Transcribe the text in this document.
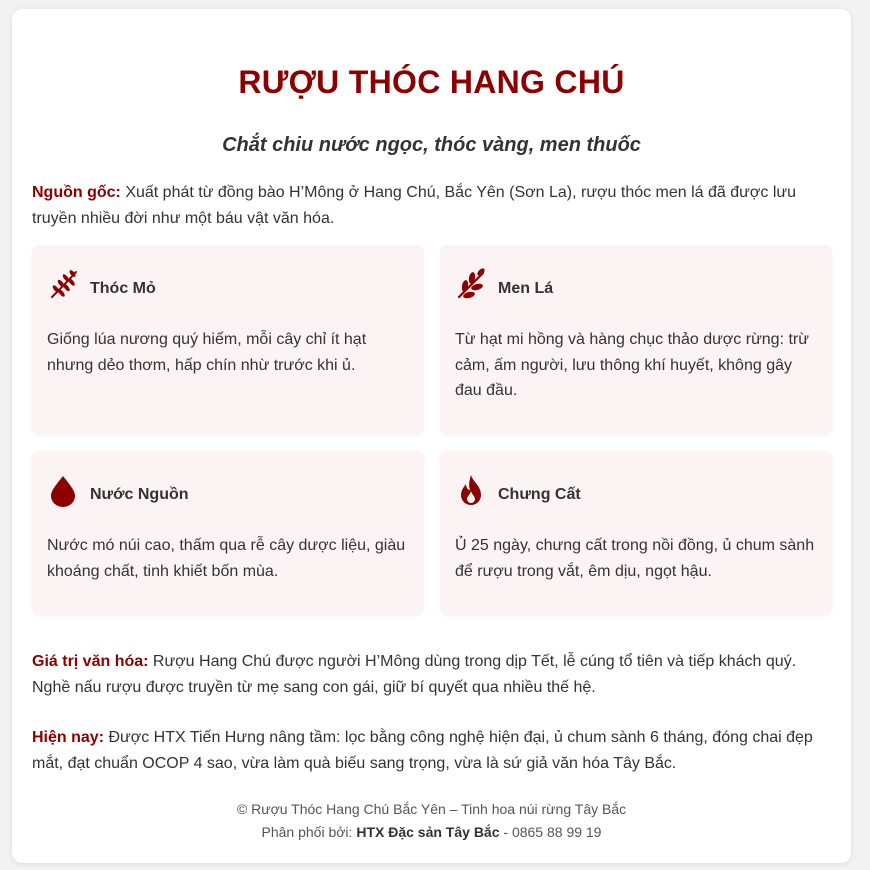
RƯỢU THÓC HANG CHÚ
Chắt chiu nước ngọc, thóc vàng, men thuốc
Nguồn gốc: Xuất phát từ đồng bào H’Mông ở Hang Chú, Bắc Yên (Sơn La), rượu thóc men lá đã được lưu truyền nhiều đời như một báu vật văn hóa.
Thóc Mỏ
Giống lúa nương quý hiếm, mỗi cây chỉ ít hạt nhưng dẻo thơm, hấp chín nhừ trước khi ủ.
Men Lá
Từ hạt mi hồng và hàng chục thảo dược rừng: trừ cảm, ấm người, lưu thông khí huyết, không gây đau đầu.
Nước Nguồn
Nước mó núi cao, thấm qua rễ cây dược liệu, giàu khoáng chất, tinh khiết bốn mùa.
Chưng Cất
Ủ 25 ngày, chưng cất trong nồi đồng, ủ chum sành để rượu trong vắt, êm dịu, ngọt hậu.
Giá trị văn hóa: Rượu Hang Chú được người H’Mông dùng trong dịp Tết, lễ cúng tổ tiên và tiếp khách quý. Nghề nấu rượu được truyền từ mẹ sang con gái, giữ bí quyết qua nhiều thế hệ.
Hiện nay: Được HTX Tiến Hưng nâng tầm: lọc bằng công nghệ hiện đại, ủ chum sành 6 tháng, đóng chai đẹp mắt, đạt chuẩn OCOP 4 sao, vừa làm quà biếu sang trọng, vừa là sứ giả văn hóa Tây Bắc.
© Rượu Thóc Hang Chú Bắc Yên – Tinh hoa núi rừng Tây Bắc
Phân phối bởi: HTX Đặc sản Tây Bắc - 0865 88 99 19
